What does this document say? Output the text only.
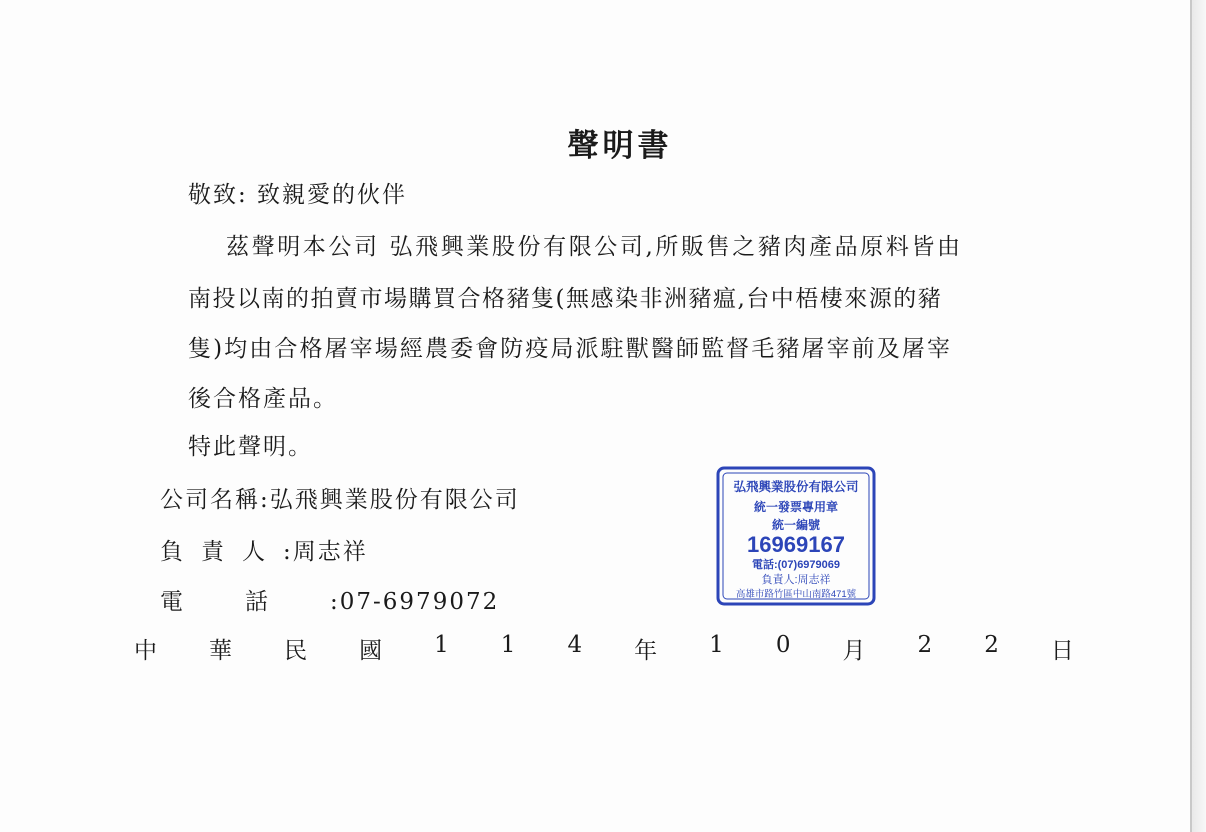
聲明書
敬致: 致親愛的伙伴
茲聲明本公司 弘飛興業股份有限公司,所販售之豬肉產品原料皆由
南投以南的拍賣市場購買合格豬隻(無感染非洲豬瘟,台中梧棲來源的豬
隻)均由合格屠宰場經農委會防疫局派駐獸醫師監督毛豬屠宰前及屠宰
後合格產品。
特此聲明。
公司名稱:弘飛興業股份有限公司
負責人:周志祥
電話:07-6979072
中 華 民 國 1 1 4 年 1 0 月 2 2 日
弘飛興業股份有限公司
統一發票專用章
統一編號
16969167
電話:(07)6979069
負責人:周志祥
高雄市路竹區中山南路471號
